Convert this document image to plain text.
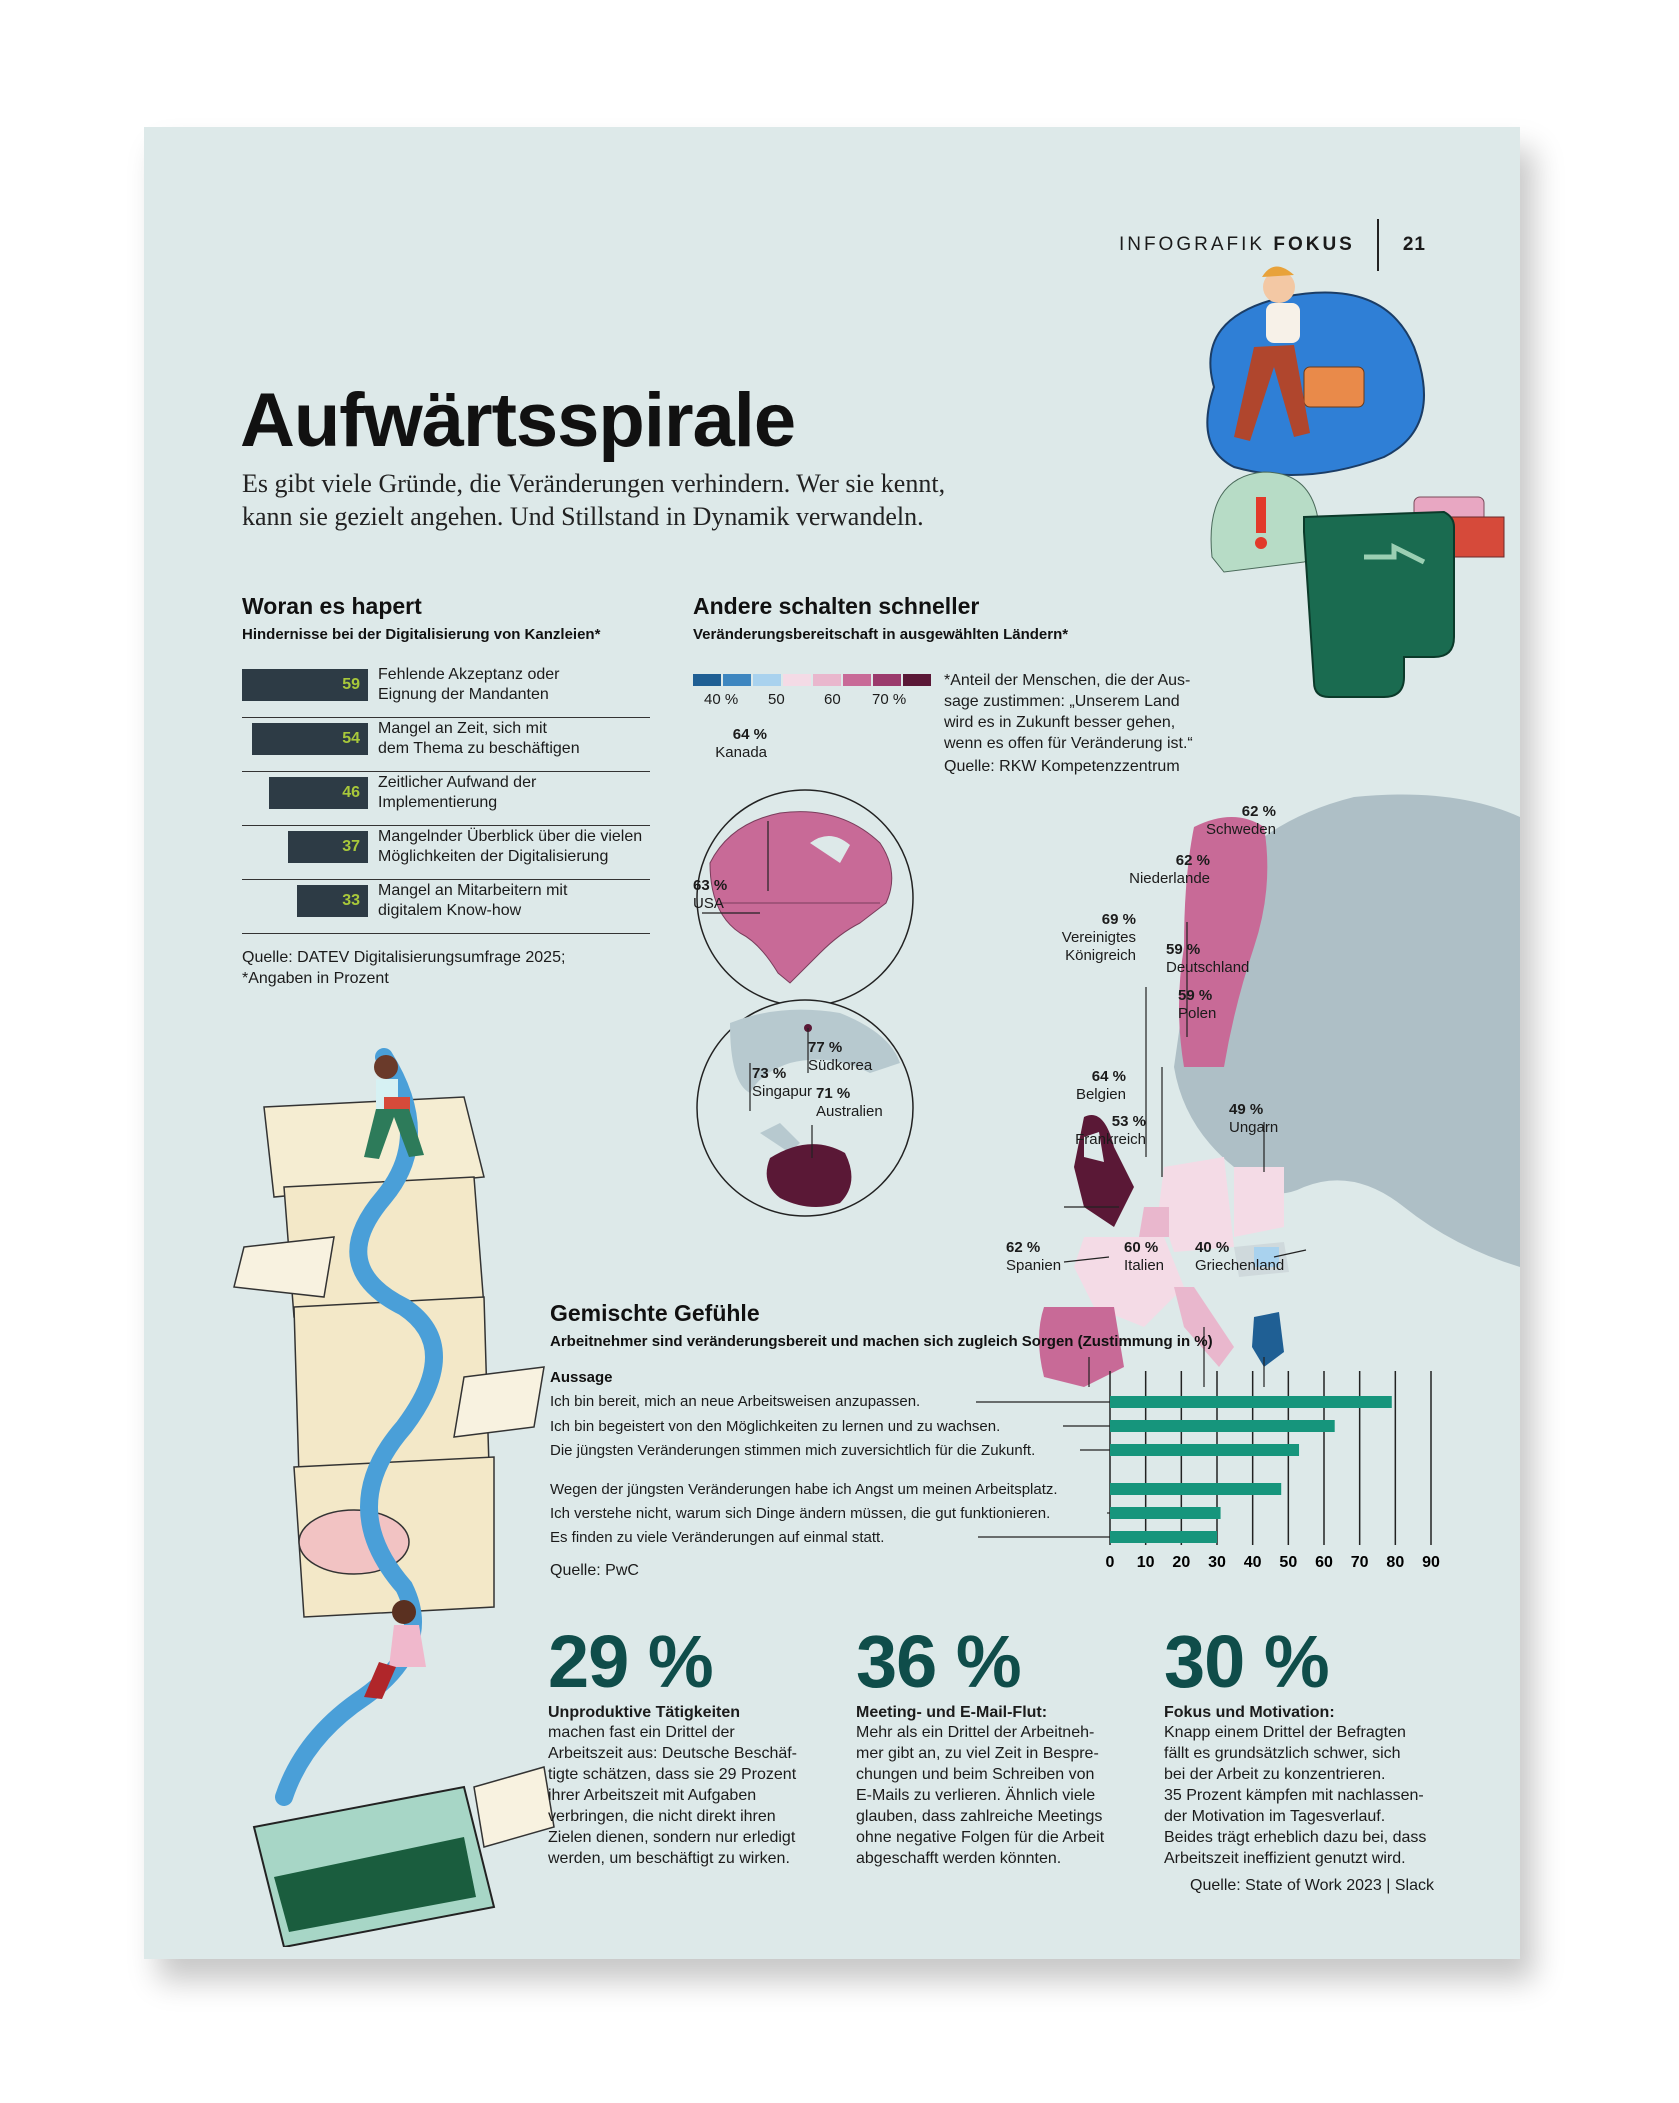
INFOGRAFIK FOKUS	21
Aufwärtsspirale
Es gibt viele Gründe, die Veränderungen verhindern. Wer sie kennt,
kann sie gezielt angehen. Und Stillstand in Dynamik verwandeln.
Woran es hapert
Hindernisse bei der Digitalisierung von Kanzleien*
59
Fehlende Akzeptanz oder
Eignung der Mandanten
54
Mangel an Zeit, sich mit
dem Thema zu beschäftigen
46
Zeitlicher Aufwand der
Implementierung
37
Mangelnder Überblick über die vielen
Möglichkeiten der Digitalisierung
33
Mangel an Mitarbeitern mit
digitalem Know-how
Quelle: DATEV Digitalisierungsumfrage 2025;
*Angaben in Prozent
Andere schalten schneller
Veränderungsbereitschaft in ausgewählten Ländern*
40 % 50	60 70 %
*Anteil der Menschen, die der Aus-
sage zustimmen: „Unserem Land
wird es in Zukunft besser gehen,
wenn es offen für Veränderung ist.“
Quelle: RKW Kompetenzzentrum
64 %
Kanada
63 %
USA
77 %
Südkorea
73 %
Singapur 71 %
Australien
62 %
Schweden
62 %
Niederlande
69 %
Vereinigtes
Königreich 59 %
Deutschland
59 %
Polen
64 %
Belgien
53 %
Frankreich
49 %
Ungarn
62 %
Spanien
60 %
Italien
40 %
Griechenland
Gemischte Gefühle
Arbeitnehmer sind veränderungsbereit und machen sich zugleich Sorgen (Zustimmung in %)
Aussage
Ich bin bereit, mich an neue Arbeitsweisen anzupassen.
Ich bin begeistert von den Möglichkeiten zu lernen und zu wachsen.
Die jüngsten Veränderungen stimmen mich zuversichtlich für die Zukunft.
Wegen der jüngsten Veränderungen habe ich Angst um meinen Arbeitsplatz.
Ich verstehe nicht, warum sich Dinge ändern müssen, die gut funktionieren.
Es finden zu viele Veränderungen auf einmal statt.
0 10 20 30 40 50 60 70 80 90
Quelle: PwC
29 %
Unproduktive Tätigkeiten
machen fast ein Drittel der
Arbeitszeit aus: Deutsche Beschäf-
tigte schätzen, dass sie 29 Prozent
ihrer Arbeitszeit mit Aufgaben
verbringen, die nicht direkt ihren
Zielen dienen, sondern nur erledigt
werden, um beschäftigt zu wirken.
36 %
Meeting- und E-Mail-Flut:
Mehr als ein Drittel der Arbeitneh-
mer gibt an, zu viel Zeit in Bespre-
chungen und beim Schreiben von
E-Mails zu verlieren. Ähnlich viele
glauben, dass zahlreiche Meetings
ohne negative Folgen für die Arbeit
abgeschafft werden könnten.
30 %
Fokus und Motivation:
Knapp einem Drittel der Befragten
fällt es grundsätzlich schwer, sich
bei der Arbeit zu konzentrieren.
35 Prozent kämpfen mit nachlassen-
der Motivation im Tagesverlauf.
Beides trägt erheblich dazu bei, dass
Arbeitszeit ineffizient genutzt wird.
Quelle: State of Work 2023 | Slack
